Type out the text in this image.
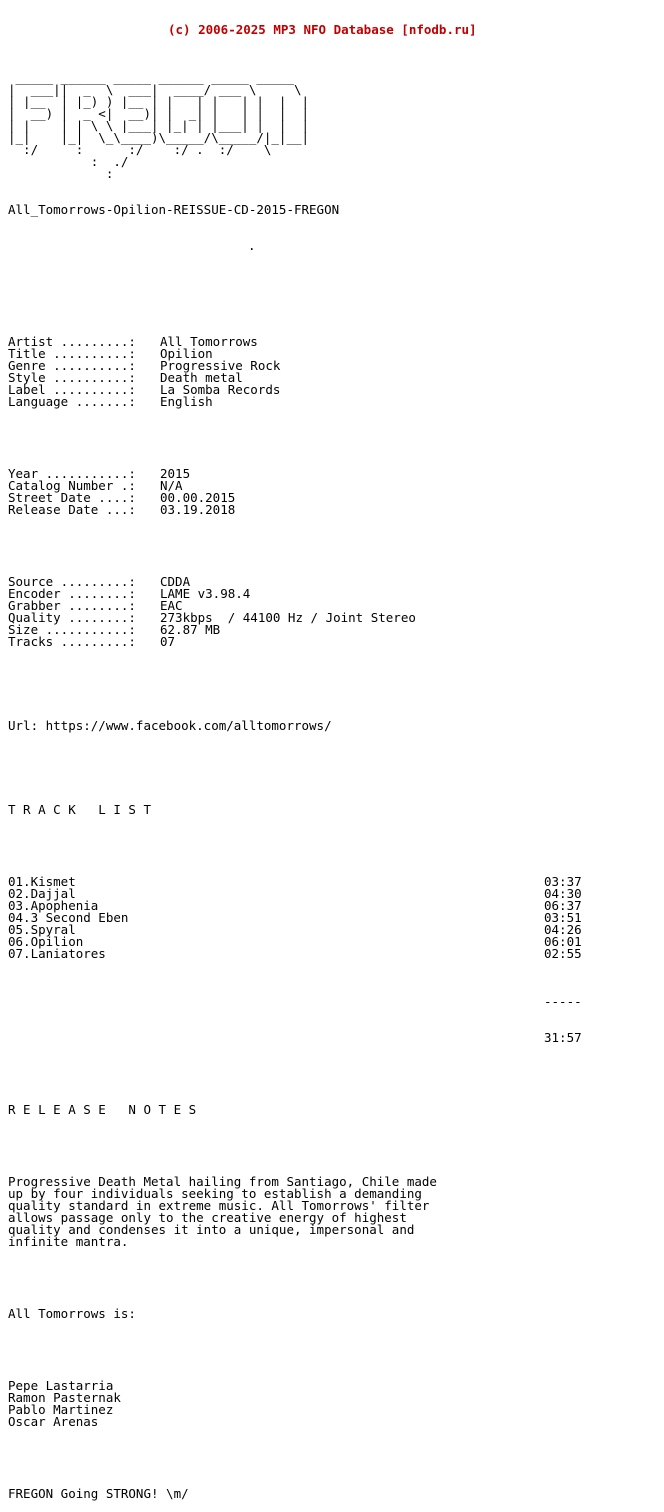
(c) 2006-2025 MP3 NFO Database [nfodb.ru]

_____ ______ _____ ______ _____ _____
|  ___||  _  \  ___|  ____/ ___ \     \
| |__  | |_) ) |__ | |   | |   | |  |  |
|  __) |  _ <|  __)| |  _| |   | |  |  |
| |    | | \ \ |___| |_| | |___| |  |  |
|_|    |_|  \_\____)\_____/\_____/|_|__|
:/     :      :/    :/ .  :/    \
:  ./
:

All_Tomorrows-Opilion-REISSUE-CD-2015-FREGON

.

Artist .........: All Tomorrows
Title ..........: Opilion
Genre ..........: Progressive Rock
Style ..........: Death metal
Label ..........: La Somba Records
Language .......: English

Year ...........: 2015
Catalog Number .: N/A
Street Date ....: 00.00.2015
Release Date ...: 03.19.2018

Source .........: CDDA
Encoder ........: LAME v3.98.4
Grabber ........: EAC
Quality ........: 273kbps  / 44100 Hz / Joint Stereo
Size ...........: 62.87 MB
Tracks .........: 07

Url: https://www.facebook.com/alltomorrows/

T R A C K   L I S T

01.Kismet	03:37
02.Dajjal	04:30
03.Apophenia	06:37
04.3 Second Eben	03:51
05.Spyral	04:26
06.Opilion	06:01
07.Laniatores	02:55

-----

31:57

R E L E A S E   N O T E S

Progressive Death Metal hailing from Santiago, Chile made
up by four individuals seeking to establish a demanding
quality standard in extreme music. All Tomorrows' filter
allows passage only to the creative energy of highest
quality and condenses it into a unique, impersonal and
infinite mantra.

All Tomorrows is:

Pepe Lastarria
Ramon Pasternak
Pablo Martinez
Oscar Arenas

FREGON Going STRONG! \m/
